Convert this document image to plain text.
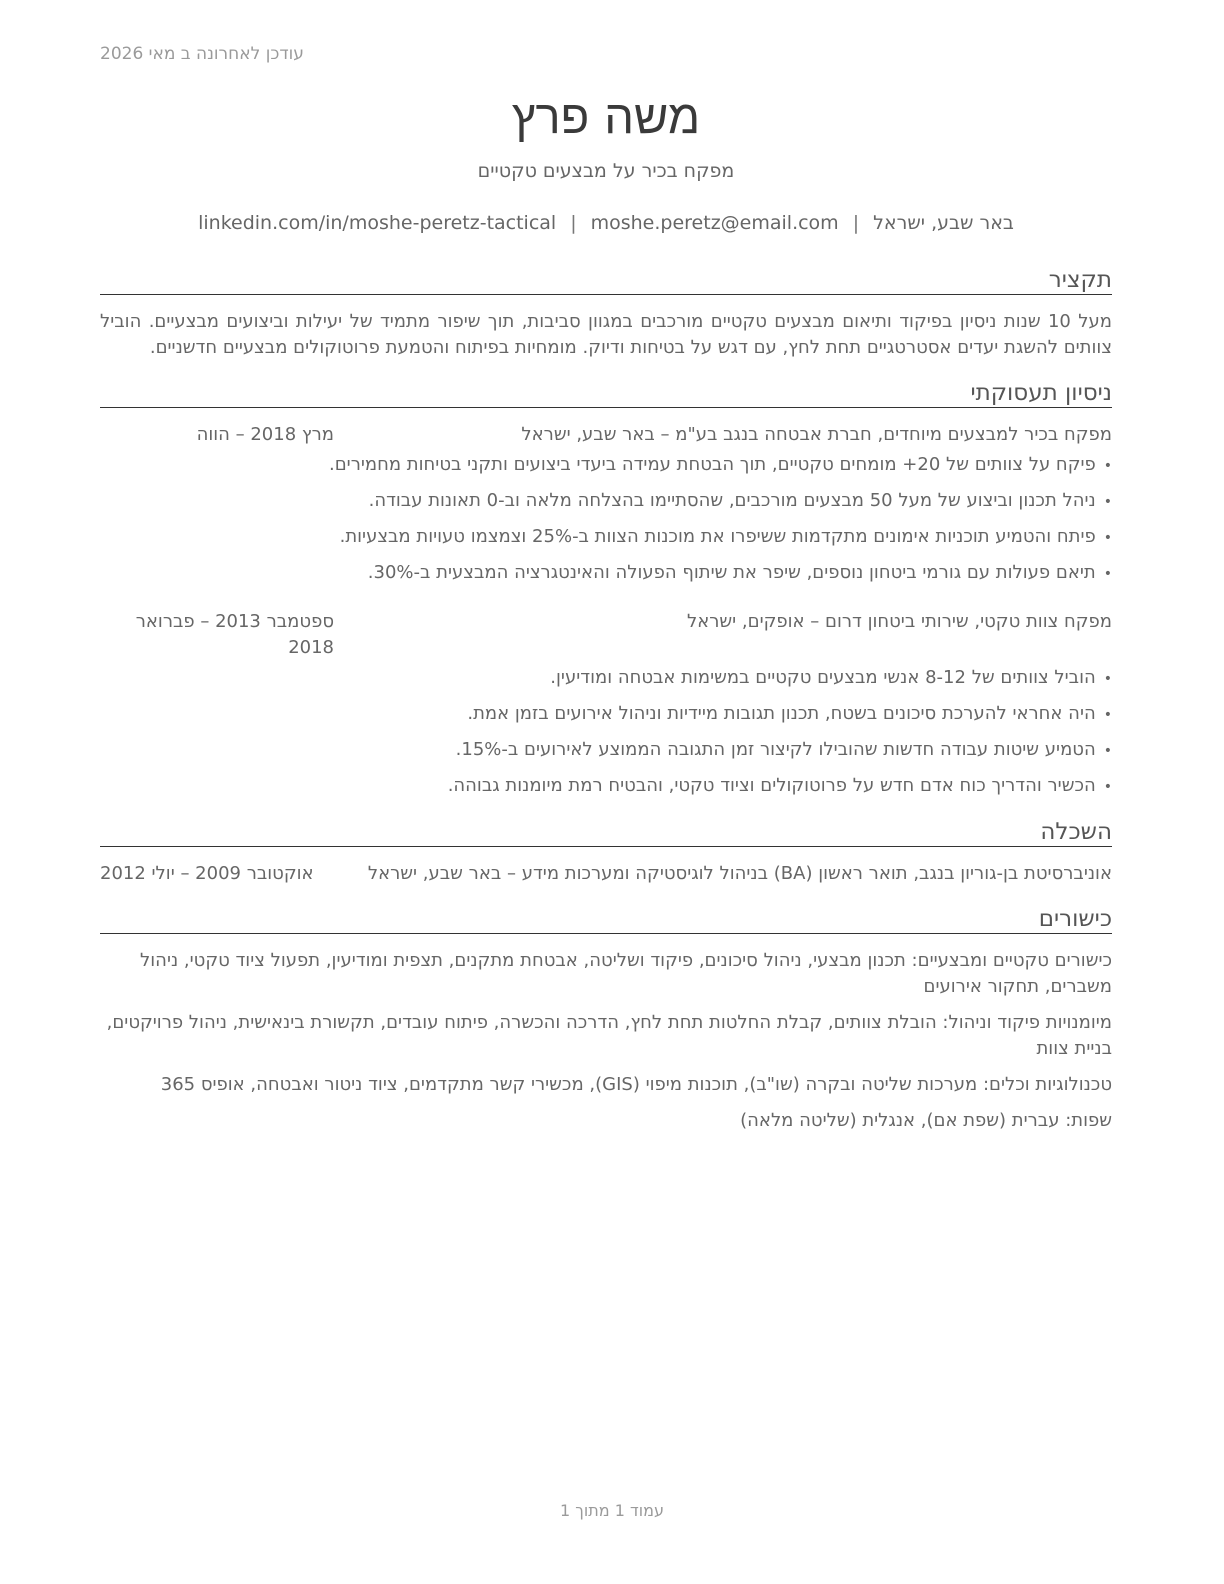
עודכן לאחרונה ב מאי 2026
משה פרץ
מפקח בכיר על מבצעים טקטיים
באר שבע, ישראל|moshe.peretz@email.com|linkedin.com/in/moshe-peretz-tactical
תקציר
מעל 10 שנות ניסיון בפיקוד ותיאום מבצעים טקטיים מורכבים במגוון סביבות, תוך שיפור מתמיד של יעילות וביצועים מבצעיים. הוביל צוותים להשגת יעדים אסטרטגיים תחת לחץ, עם דגש על בטיחות ודיוק. מומחיות בפיתוח והטמעת פרוטוקולים מבצעיים חדשניים.
ניסיון תעסוקתי
מפקח בכיר למבצעים מיוחדים, חברת אבטחה בנגב בע"מ – באר שבע, ישראל
מרץ 2018 – הווה
•פיקח על צוותים של 20+ מומחים טקטיים, תוך הבטחת עמידה ביעדי ביצועים ותקני בטיחות מחמירים.
•ניהל תכנון וביצוע של מעל 50 מבצעים מורכבים, שהסתיימו בהצלחה מלאה וב-0 תאונות עבודה.
•פיתח והטמיע תוכניות אימונים מתקדמות ששיפרו את מוכנות הצוות ב-25% וצמצמו טעויות מבצעיות.
•תיאם פעולות עם גורמי ביטחון נוספים, שיפר את שיתוף הפעולה והאינטגרציה המבצעית ב-30%.
מפקח צוות טקטי, שירותי ביטחון דרום – אופקים, ישראל
ספטמבר 2013 – פברואר 2018
•הוביל צוותים של 8-12 אנשי מבצעים טקטיים במשימות אבטחה ומודיעין.
•היה אחראי להערכת סיכונים בשטח, תכנון תגובות מיידיות וניהול אירועים בזמן אמת.
•הטמיע שיטות עבודה חדשות שהובילו לקיצור זמן התגובה הממוצע לאירועים ב-15%.
•הכשיר והדריך כוח אדם חדש על פרוטוקולים וציוד טקטי, והבטיח רמת מיומנות גבוהה.
השכלה
אוניברסיטת בן-גוריון בנגב, תואר ראשון (BA) בניהול לוגיסטיקה ומערכות מידע – באר שבע, ישראל
אוקטובר 2009 – יולי 2012
כישורים
כישורים טקטיים ומבצעיים: תכנון מבצעי, ניהול סיכונים, פיקוד ושליטה, אבטחת מתקנים, תצפית ומודיעין, תפעול ציוד טקטי, ניהול משברים, תחקור אירועים
מיומנויות פיקוד וניהול: הובלת צוותים, קבלת החלטות תחת לחץ, הדרכה והכשרה, פיתוח עובדים, תקשורת בינאישית, ניהול פרויקטים, בניית צוות
טכנולוגיות וכלים: מערכות שליטה ובקרה (שו"ב), תוכנות מיפוי (GIS), מכשירי קשר מתקדמים, ציוד ניטור ואבטחה, אופיס 365
שפות: עברית (שפת אם), אנגלית (שליטה מלאה)
עמוד 1 מתוך 1
